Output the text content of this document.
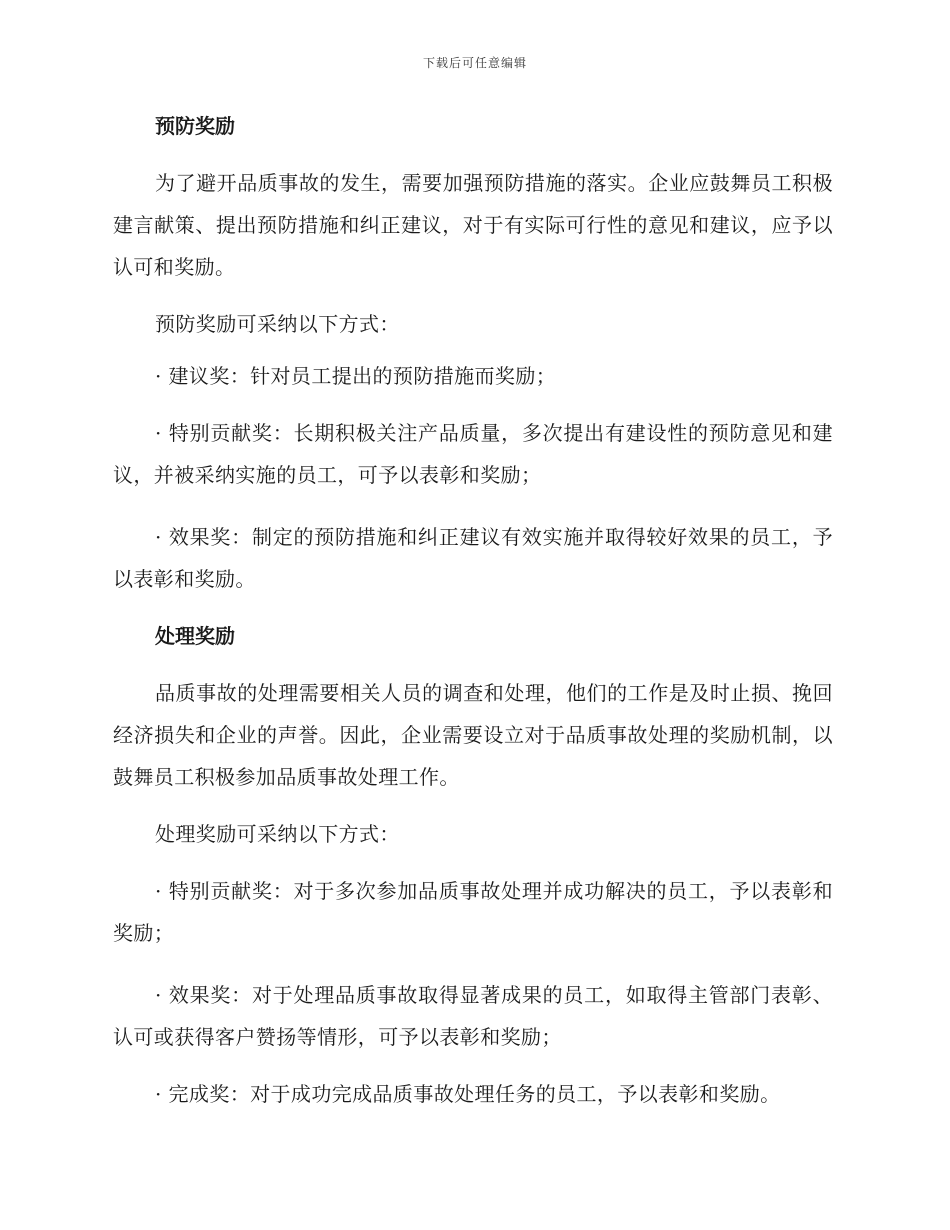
下载后可任意编辑
预防奖励

为了避开品质事故的发生，需要加强预防措施的落实。企业应鼓舞员工积极建言献策、提出预防措施和纠正建议，对于有实际可行性的意见和建议，应予以认可和奖励。

预防奖励可采纳以下方式：

· 建议奖：针对员工提出的预防措施而奖励；

· 特别贡献奖：长期积极关注产品质量，多次提出有建设性的预防意见和建议，并被采纳实施的员工，可予以表彰和奖励；

· 效果奖：制定的预防措施和纠正建议有效实施并取得较好效果的员工，予以表彰和奖励。

处理奖励

品质事故的处理需要相关人员的调查和处理，他们的工作是及时止损、挽回经济损失和企业的声誉。因此，企业需要设立对于品质事故处理的奖励机制，以鼓舞员工积极参加品质事故处理工作。

处理奖励可采纳以下方式：

· 特别贡献奖：对于多次参加品质事故处理并成功解决的员工，予以表彰和奖励；

· 效果奖：对于处理品质事故取得显著成果的员工，如取得主管部门表彰、认可或获得客户赞扬等情形，可予以表彰和奖励；

· 完成奖：对于成功完成品质事故处理任务的员工，予以表彰和奖励。
